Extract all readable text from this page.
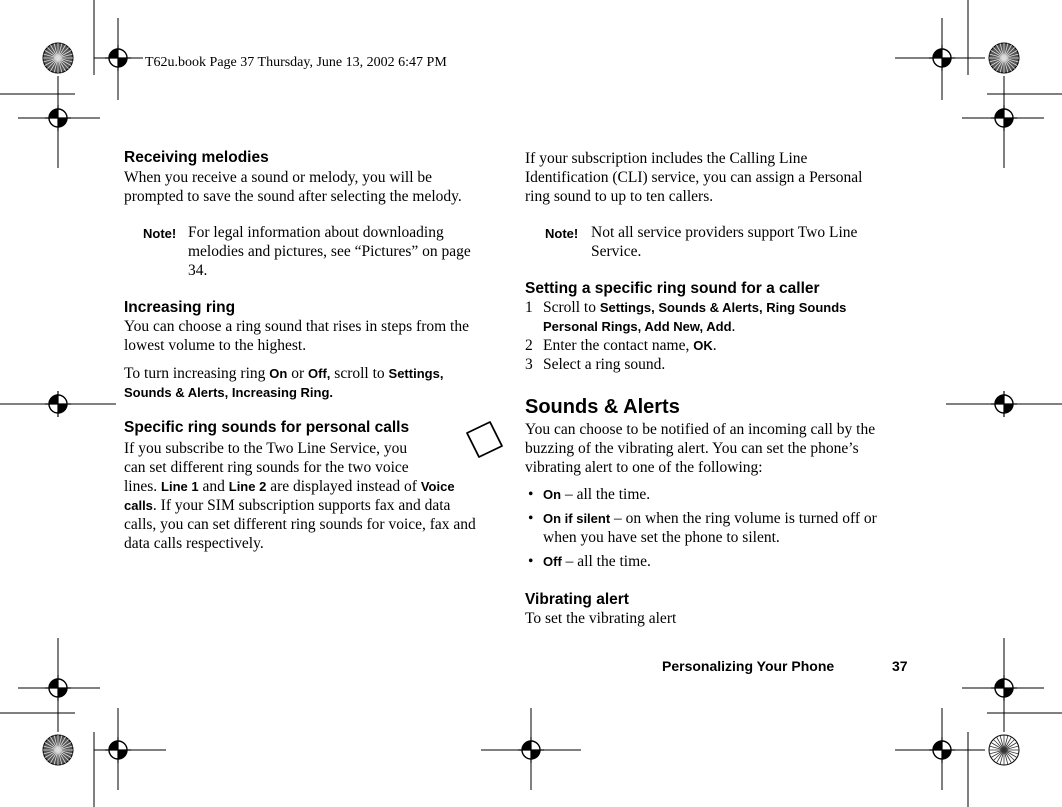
T62u.book Page 37 Thursday, June 13, 2002 6:47 PM
Receiving melodies
When you receive a sound or melody, you will be
prompted to save the sound after selecting the melody.
Note! For legal information about downloading
melodies and pictures, see “Pictures” on page
34.
Increasing ring
You can choose a ring sound that rises in steps from the
lowest volume to the highest.
To turn increasing ring On or Off, scroll to Settings,
Sounds & Alerts, Increasing Ring.
Specific ring sounds for personal calls
If you subscribe to the Two Line Service, you
can set different ring sounds for the two voice
lines. Line 1 and Line 2 are displayed instead of Voice
calls. If your SIM subscription supports fax and data
calls, you can set different ring sounds for voice, fax and
data calls respectively.
If your subscription includes the Calling Line
Identification (CLI) service, you can assign a Personal
ring sound to up to ten callers.
Note! Not all service providers support Two Line
Service.
Setting a specific ring sound for a caller
1 Scroll to Settings, Sounds & Alerts, Ring Sounds
Personal Rings, Add New, Add.
2 Enter the contact name, OK.
3 Select a ring sound.
Sounds & Alerts
You can choose to be notified of an incoming call by the
buzzing of the vibrating alert. You can set the phone’s
vibrating alert to one of the following:
• On – all the time.
• On if silent – on when the ring volume is turned off or
when you have set the phone to silent.
• Off – all the time.
Vibrating alert
To set the vibrating alert
Personalizing Your Phone	37
